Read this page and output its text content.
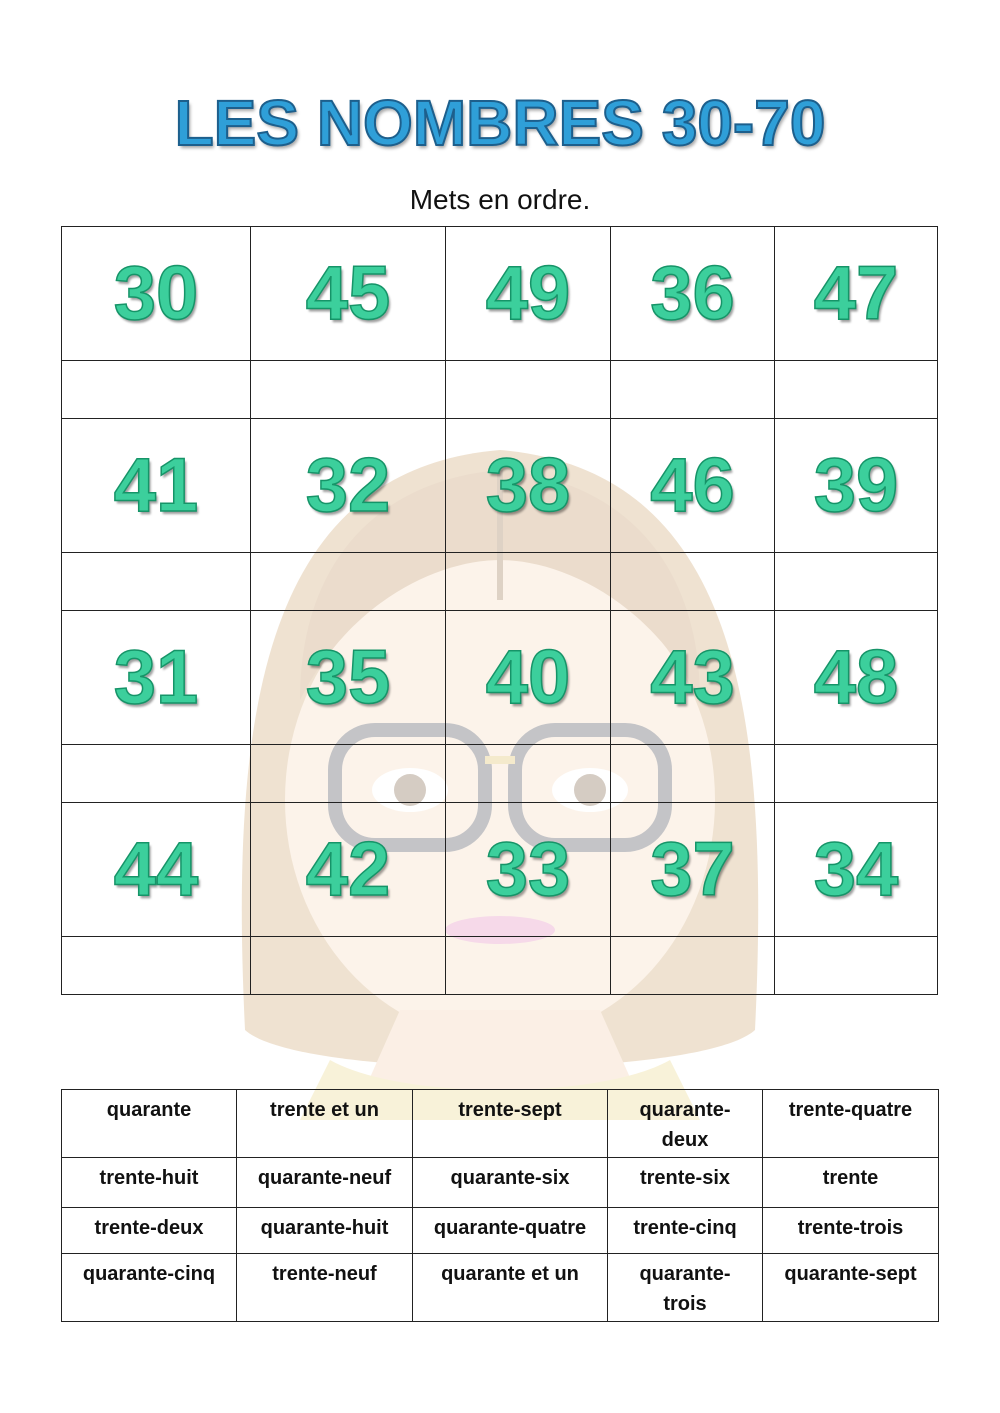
LES NOMBRES 30-70
Mets en ordre.
30	45	49	36	47

41	32	38	46	39

31	35	40	43	48

44	42	33	37	34

quarante	trente et un	trente-sept	quarante-deux	trente-quatre
trente-huit	quarante-neuf	quarante-six	trente-six	trente
trente-deux	quarante-huit	quarante-quatre	trente-cinq	trente-trois
quarante-cinq	trente-neuf	quarante et un	quarante-trois	quarante-sept
